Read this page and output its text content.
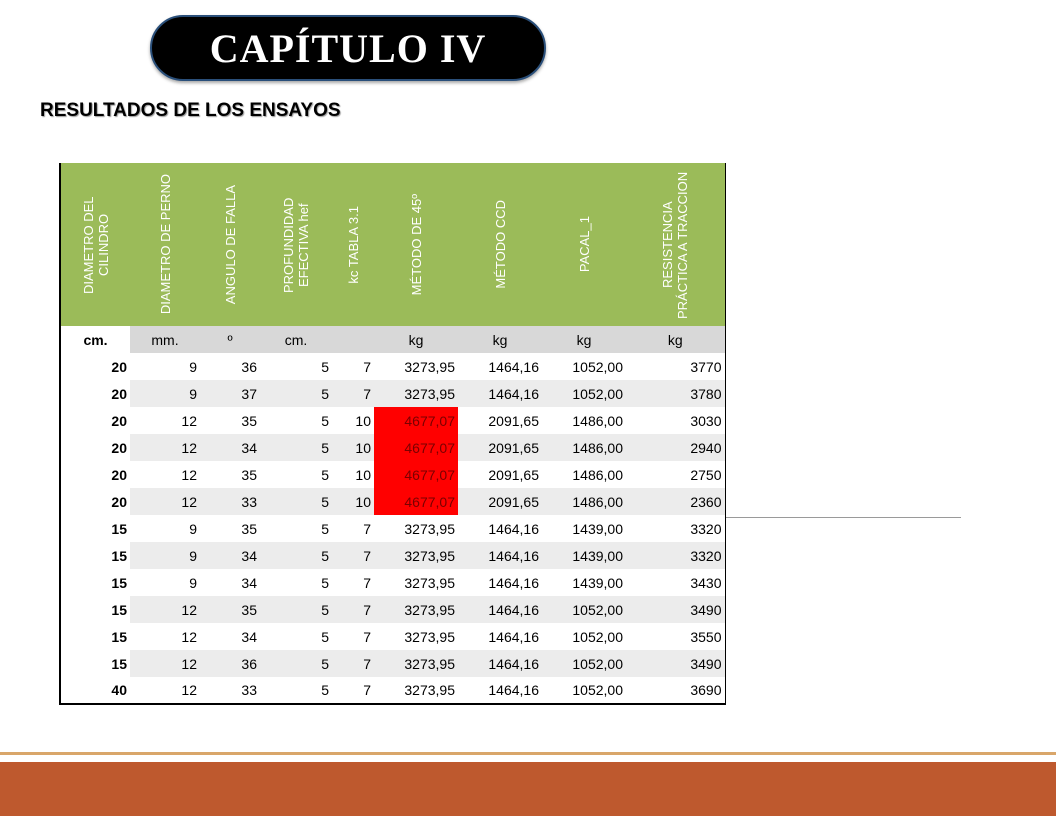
CAPÍTULO IV
RESULTADOS DE LOS ENSAYOS
DIAMETRO DEL CILINDRO	DIAMETRO DE PERNO	ANGULO DE FALLA	PROFUNDIDAD EFECTIVA hef	kc TABLA 3.1	MÉTODO DE 45º	MÉTODO CCD	PACAL_1	RESISTENCIA PRÁCTICA A TRACCION

cm.	mm.	º	cm.		kg	kg	kg	kg
20	9	36	5	7	3273,95	1464,16	1052,00	3770
20	9	37	5	7	3273,95	1464,16	1052,00	3780
20	12	35	5	10	4677,07	2091,65	1486,00	3030
20	12	34	5	10	4677,07	2091,65	1486,00	2940
20	12	35	5	10	4677,07	2091,65	1486,00	2750
20	12	33	5	10	4677,07	2091,65	1486,00	2360
15	9	35	5	7	3273,95	1464,16	1439,00	3320
15	9	34	5	7	3273,95	1464,16	1439,00	3320
15	9	34	5	7	3273,95	1464,16	1439,00	3430
15	12	35	5	7	3273,95	1464,16	1052,00	3490
15	12	34	5	7	3273,95	1464,16	1052,00	3550
15	12	36	5	7	3273,95	1464,16	1052,00	3490
40	12	33	5	7	3273,95	1464,16	1052,00	3690
